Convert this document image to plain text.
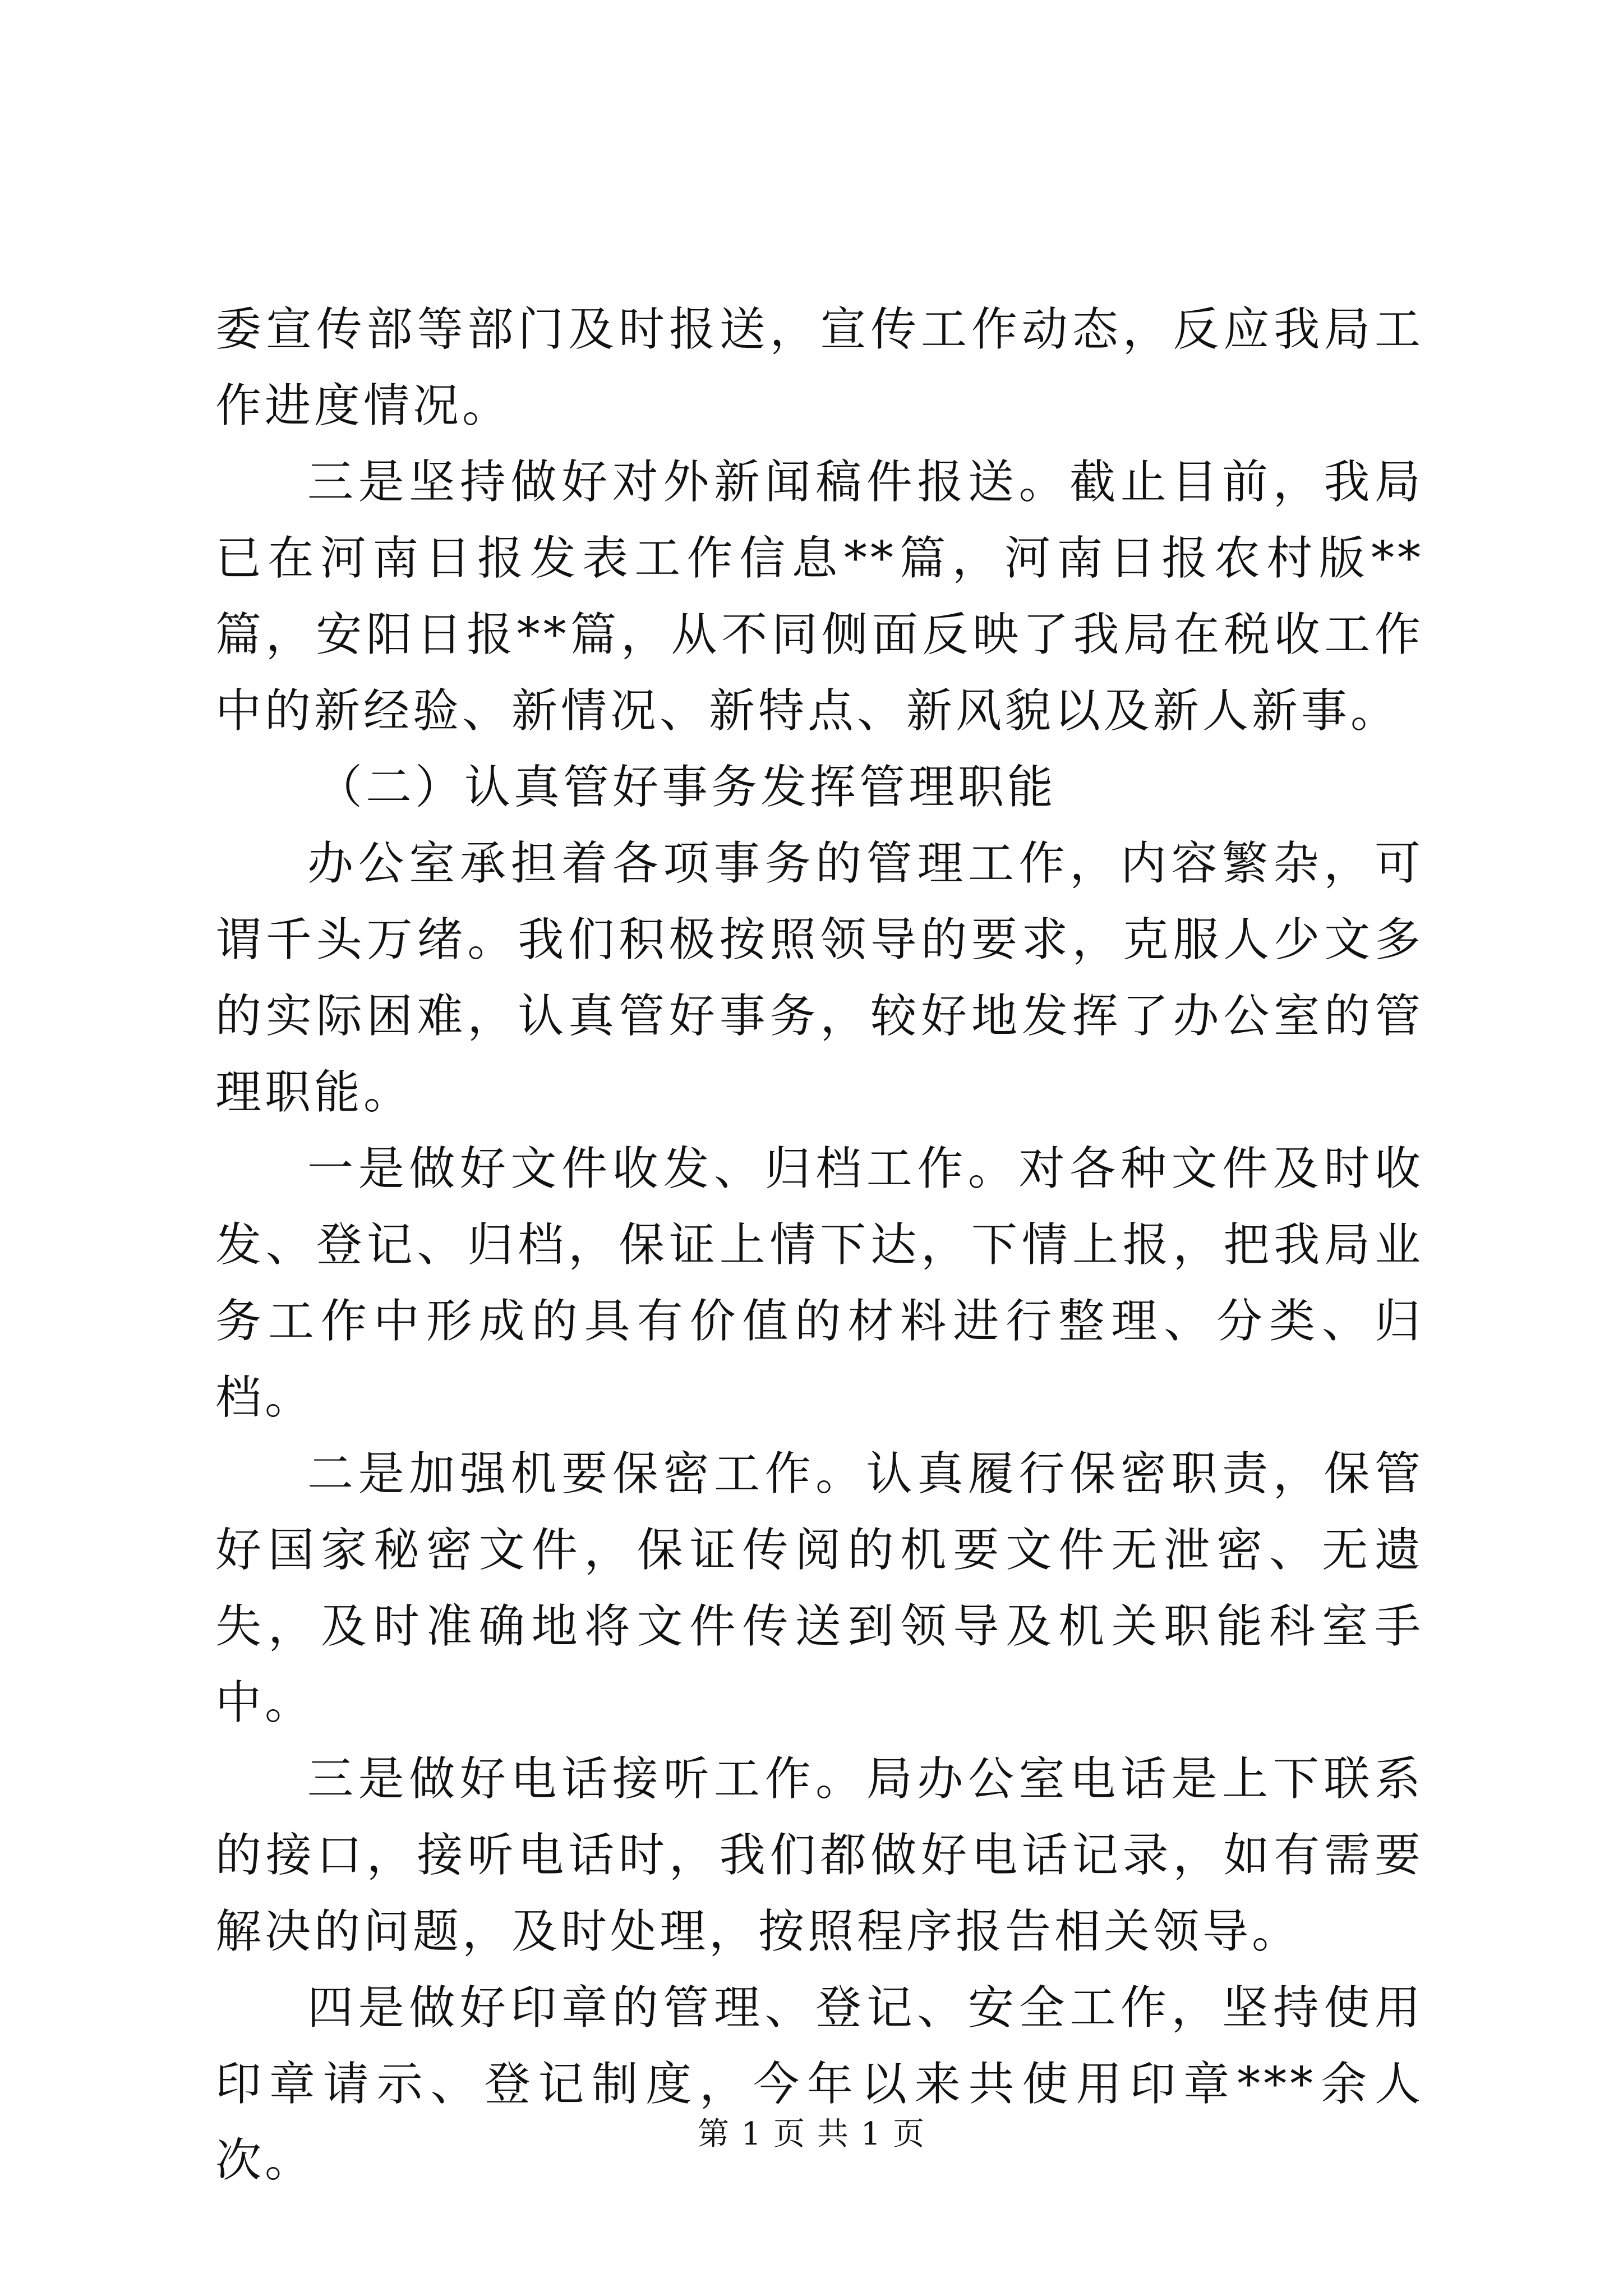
委宣传部等部门及时报送，宣传工作动态，反应我局工作进度情况。

三是坚持做好对外新闻稿件报送。截止目前，我局已在河南日报发表工作信息**篇，河南日报农村版**篇，安阳日报**篇，从不同侧面反映了我局在税收工作中的新经验、新情况、新特点、新风貌以及新人新事。

（二）认真管好事务发挥管理职能

办公室承担着各项事务的管理工作，内容繁杂，可谓千头万绪。我们积极按照领导的要求，克服人少文多的实际困难，认真管好事务，较好地发挥了办公室的管理职能。

一是做好文件收发、归档工作。对各种文件及时收发、登记、归档，保证上情下达，下情上报，把我局业务工作中形成的具有价值的材料进行整理、分类、归档。

二是加强机要保密工作。认真履行保密职责，保管好国家秘密文件，保证传阅的机要文件无泄密、无遗失，及时准确地将文件传送到领导及机关职能科室手中。

三是做好电话接听工作。局办公室电话是上下联系的接口，接听电话时，我们都做好电话记录，如有需要解决的问题，及时处理，按照程序报告相关领导。

四是做好印章的管理、登记、安全工作，坚持使用印章请示、登记制度，今年以来共使用印章***余人次。	第 1 页 共 1 页
